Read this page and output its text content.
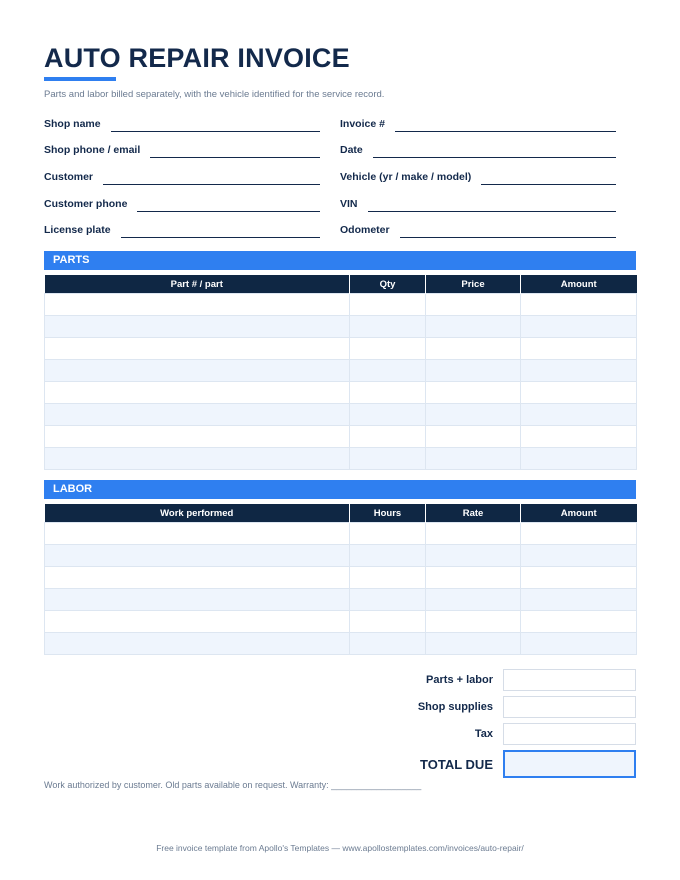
AUTO REPAIR INVOICE
Parts and labor billed separately, with the vehicle identified for the service record.
Shop name
Shop phone / email
Customer
Customer phone
License plate
Invoice #
Date
Vehicle (yr / make / model)
VIN
Odometer
PARTS
Part # / part	Qty	Price	Amount

LABOR
Work performed	Hours	Rate	Amount

Parts + labor
Shop supplies
Tax
TOTAL DUE
Work authorized by customer. Old parts available on request. Warranty: __________________
Free invoice template from Apollo's Templates — www.apollostemplates.com/invoices/auto-repair/
